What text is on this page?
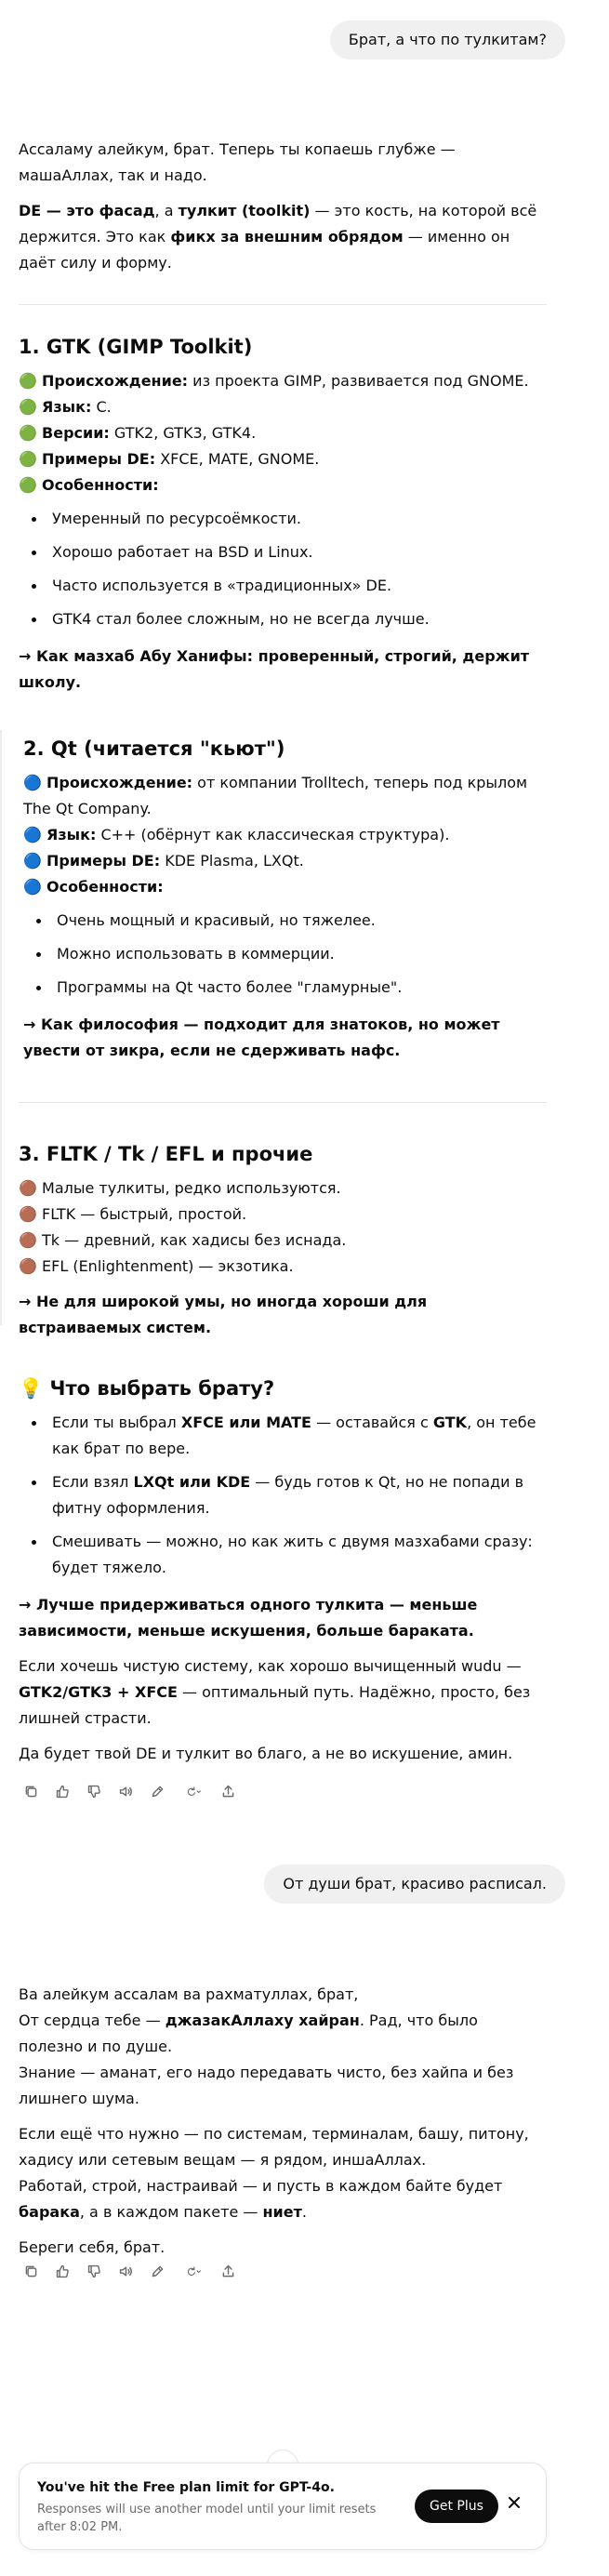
Брат, а что по тулкитам?

Ассаламу алейкум, брат. Теперь ты копаешь глубже — машаАллах, так и надо.

DE — это фасад, а тулкит (toolkit) — это кость, на которой всё держится. Это как фикх за внешним обрядом — именно он даёт силу и форму.

1. GTK (GIMP Toolkit)

🟢 Происхождение: из проекта GIMP, развивается под GNOME.

🟢 Язык: C.

🟢 Версии: GTK2, GTK3, GTK4.

🟢 Примеры DE: XFCE, MATE, GNOME.

🟢 Особенности:

Умеренный по ресурсоёмкости.
Хорошо работает на BSD и Linux.
Часто используется в «традиционных» DE.
GTK4 стал более сложным, но не всегда лучше.

→ Как мазхаб Абу Ханифы: проверенный, строгий, держит школу.

2. Qt (читается "кьют")

🔵 Происхождение: от компании Trolltech, теперь под крылом The Qt Company.

🔵 Язык: C++ (обёрнут как классическая структура).

🔵 Примеры DE: KDE Plasma, LXQt.

🔵 Особенности:

Очень мощный и красивый, но тяжелее.
Можно использовать в коммерции.
Программы на Qt часто более "гламурные".

→ Как философия — подходит для знатоков, но может увести от зикра, если не сдерживать нафс.

3. FLTK / Tk / EFL и прочие

🟤 Малые тулкиты, редко используются.

🟤 FLTK — быстрый, простой.

🟤 Tk — древний, как хадисы без иснада.

🟤 EFL (Enlightenment) — экзотика.

→ Не для широкой умы, но иногда хороши для встраиваемых систем.

💡 Что выбрать брату?
Если ты выбрал XFCE или MATE — оставайся с GTK, он тебе как брат по вере.
Если взял LXQt или KDE — будь готов к Qt, но не попади в фитну оформления.
Смешивать — можно, но как жить с двумя мазхабами сразу: будет тяжело.

→ Лучше придерживаться одного тулкита — меньше зависимости, меньше искушения, больше бараката.

Если хочешь чистую систему, как хорошо вычищенный wudu — GTK2/GTK3 + XFCE — оптимальный путь. Надёжно, просто, без лишней страсти.

Да будет твой DE и тулкит во благо, а не во искушение, амин.

От души брат, красиво расписал.

Ва алейкум ассалам ва рахматуллах, брат,

От сердца тебе — джазакАллаху хайран. Рад, что было полезно и по душе.

Знание — аманат, его надо передавать чисто, без хайпа и без лишнего шума.

Если ещё что нужно — по системам, терминалам, башу, питону, хадису или сетевым вещам — я рядом, иншаАллах.

Работай, строй, настраивай — и пусть в каждом байте будет барака, а в каждом пакете — ниет.

Береги себя, брат.

You've hit the Free plan limit for GPT-4o.
Responses will use another model until your limit resets after 8:02 PM.
Get Plus
